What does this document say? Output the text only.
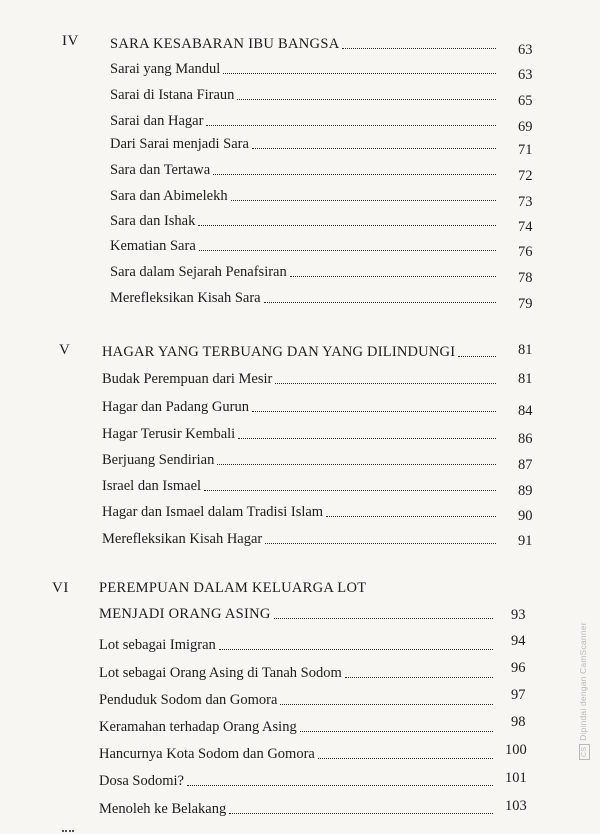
IV SARA KESABARAN IBU BANGSA	63
Sarai yang Mandul	63
Sarai di Istana Firaun	65
Sarai dan Hagar	69
Dari Sarai menjadi Sara	71
Sara dan Tertawa	72
Sara dan Abimelekh	73
Sara dan Ishak	74
Kematian Sara	76
Sara dalam Sejarah Penafsiran	78
Merefleksikan Kisah Sara	79
V HAGAR YANG TERBUANG DAN YANG DILINDUNGI	81
Budak Perempuan dari Mesir	81
Hagar dan Padang Gurun	84
Hagar Terusir Kembali	86
Berjuang Sendirian	87
Israel dan Ismael	89
Hagar dan Ismael dalam Tradisi Islam	90
Merefleksikan Kisah Hagar	91
VI PEREMPUAN DALAM KELUARGA LOT
MENJADI ORANG ASING	93
Lot sebagai Imigran	94
Lot sebagai Orang Asing di Tanah Sodom	96
Penduduk Sodom dan Gomora	97
Keramahan terhadap Orang Asing	98
Hancurnya Kota Sodom dan Gomora	100
Dosa Sodomi?	101
Menoleh ke Belakang	103
CSDipindai dengan CamScanner
